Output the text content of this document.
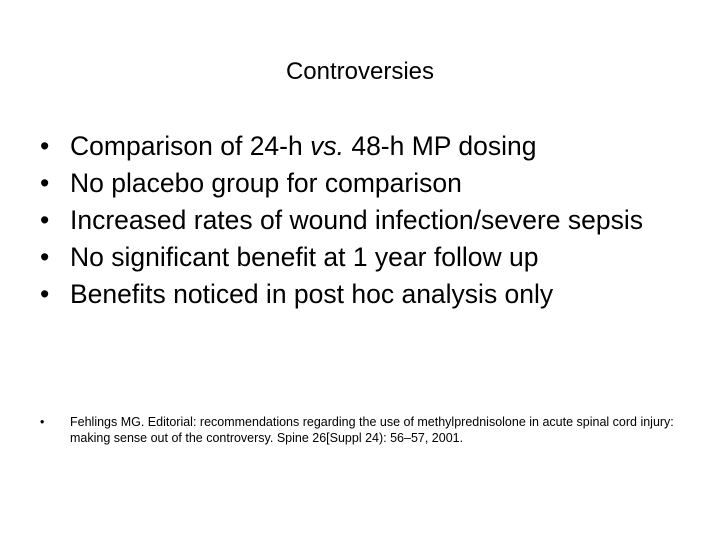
Controversies
• Comparison of 24-h vs. 48-h MP dosing
• No placebo group for comparison
• Increased rates of wound infection/severe sepsis
• No significant benefit at 1 year follow up
• Benefits noticed in post hoc analysis only
• Fehlings MG. Editorial: recommendations regarding the use of methylprednisolone in acute spinal cord injury: making sense out of the controversy. Spine 26[Suppl 24): 56–57, 2001.
